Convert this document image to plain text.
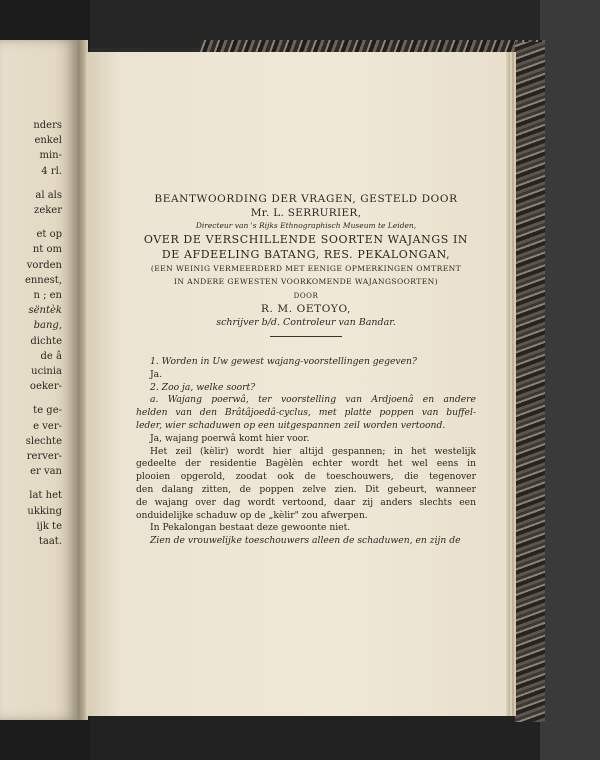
nders
enkel
min-
4 rl.
al als
zeker
et op
nt om
vorden
ennest,
n ; en
sëntèk
bang,
dichte
de â
ucinia
oeker-
te ge-
e ver-
slechte
rerver-
er van
lat het
ukking
ijk te
taat.
BEANTWOORDING DER VRAGEN, GESTELD DOOR
Mr. L. SERRURIER,
Directeur van 's Rijks Ethnographisch Museum te Leiden,
OVER DE VERSCHILLENDE SOORTEN WAJANGS IN
DE AFDEELING BATANG, RES. PEKALONGAN,
(EEN WEINIG VERMEERDERD MET EENIGE OPMERKINGEN OMTRENT
IN ANDERE GEWESTEN VOORKOMENDE WAJANGSOORTEN)
DOOR
R. M. OETOYO,
schrijver b/d. Controleur van Bandar.

1. Worden in Uw gewest wajang-voorstellingen gegeven?

Ja.

2. Zoo ja, welke soort?

a. Wajang poerwâ, ter voorstelling van Ardjoenâ en andere

helden van den Brâtâjoedâ-cyclus, met platte poppen van buffel-

leder, wier schaduwen op een uitgespannen zeil worden vertoond.

Ja, wajang poerwâ komt hier voor.

Het zeil (kèlir) wordt hier altijd gespannen; in het westelijk

gedeelte der residentie Bagèlèn echter wordt het wel eens in

plooien opgerold, zoodat ook de toeschouwers, die tegenover

den dalang zitten, de poppen zelve zien. Dit gebeurt, wanneer

de wajang over dag wordt vertoond, daar zij anders slechts een

onduidelijke schaduw op de „kèlir" zou afwerpen.

In Pekalongan bestaat deze gewoonte niet.

Zien de vrouwelijke toeschouwers alleen de schaduwen, en zijn de
